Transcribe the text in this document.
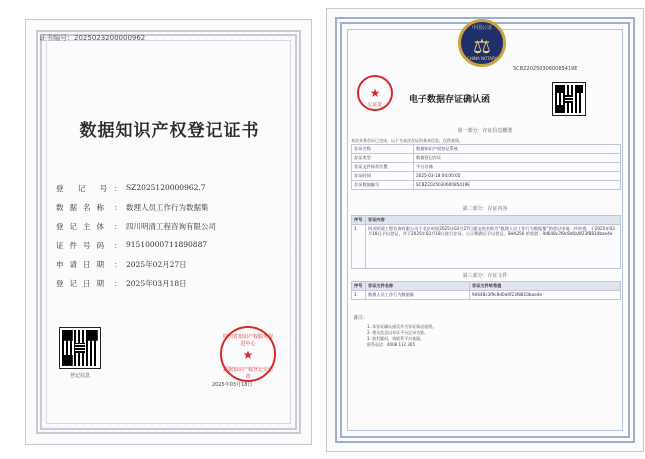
证书编号：2025023200000962
数据知识产权登记证书
登 记 号 ： SZ2025120000962.7
数据名称 ： 数理人员工作行为数据集
登记主体 ： 四川明清工程咨询有限公司
证件号码 ： 91510000711890887
申请日期 ： 2025年02月27日
登记日期 ： 2025年03月18日
登记信息
四川省知识产权服务促进中心
★
数据知识产权登记专用章
2025年03月18日
中国公证
⚖
CHINA NOTARY
SCBZ202503060085419E
★
公证处	电子数据存证确认函
第一部分：存证信息概要
本次业务存证已完成，以下为本次存证的基本信息，仅供查阅。
存证名称	数据知识产权登记系统
存证类型	数据登记存证
存证文件保存位置	平台存储
存证时间	2025-03-18 04:00:05
存证数据编号	SCBZ202503060085419E
第二部分：存证内容
序号	存证内容
1	四川明清工程咨询有限公司于北京时间2025年02月27日提交的名称为“数理人员工作行为数据集”的登记申请，经审查，于2025年03月18日予以登记，并于2025年03月18日进行存证，公示期满后予以登记。SHA256 哈希值：9d648c3f9c8d0a9f23f8810bae4e
第三部分：存证文件
序号	存证文件名称	存证文件哈希值
1	数理人员工作行为数据集	9d648c3f9c8d0a9f23f8810bae4e
备注：
1. 本存证确认函仅作为存证情况说明。
2. 相关信息以存证平台记录为准。
3. 如有疑问，请联系平台客服。
联系电话：4008 112 365
